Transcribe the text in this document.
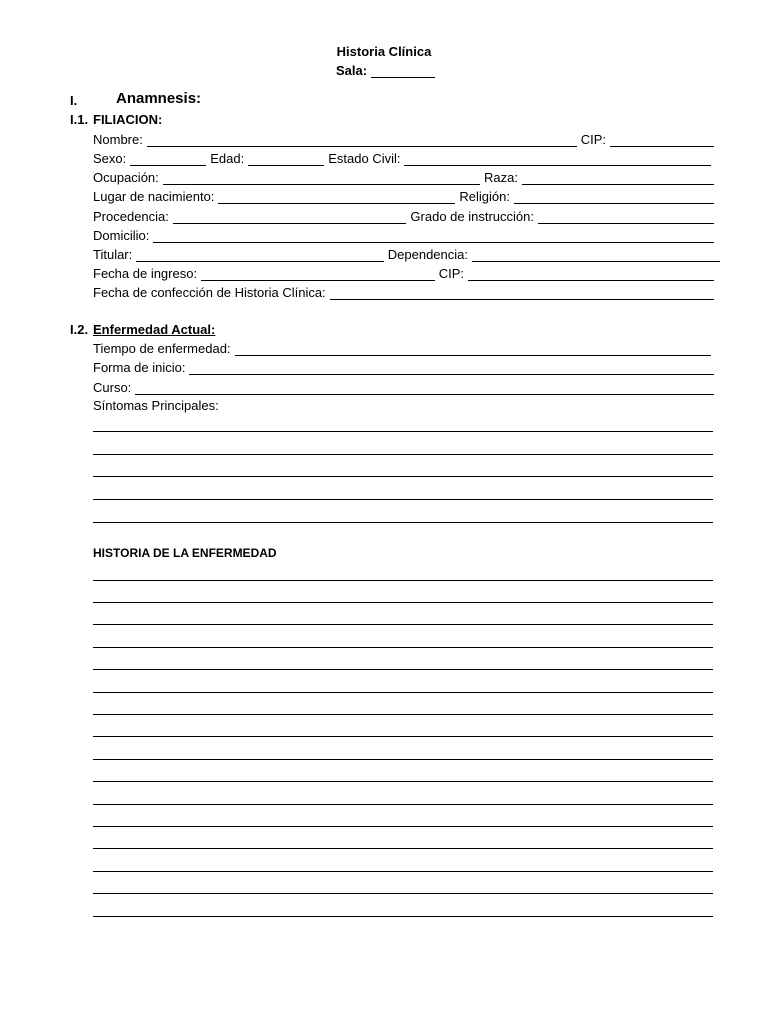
Historia Clínica
Sala:
I.	Anamnesis:
I.1. FILIACION:
Nombre:	CIP:
Sexo:	Edad:	Estado Civil:
Ocupación:	Raza:
Lugar de nacimiento:	Religión:
Procedencia:	Grado de instrucción:
Domicilio:
Titular:	Dependencia:
Fecha de ingreso:	CIP:
Fecha de confección de Historia Clínica:
I.2. Enfermedad Actual:
Tiempo de enfermedad:
Forma de inicio:
Curso:
Síntomas Principales:
HISTORIA DE LA ENFERMEDAD
